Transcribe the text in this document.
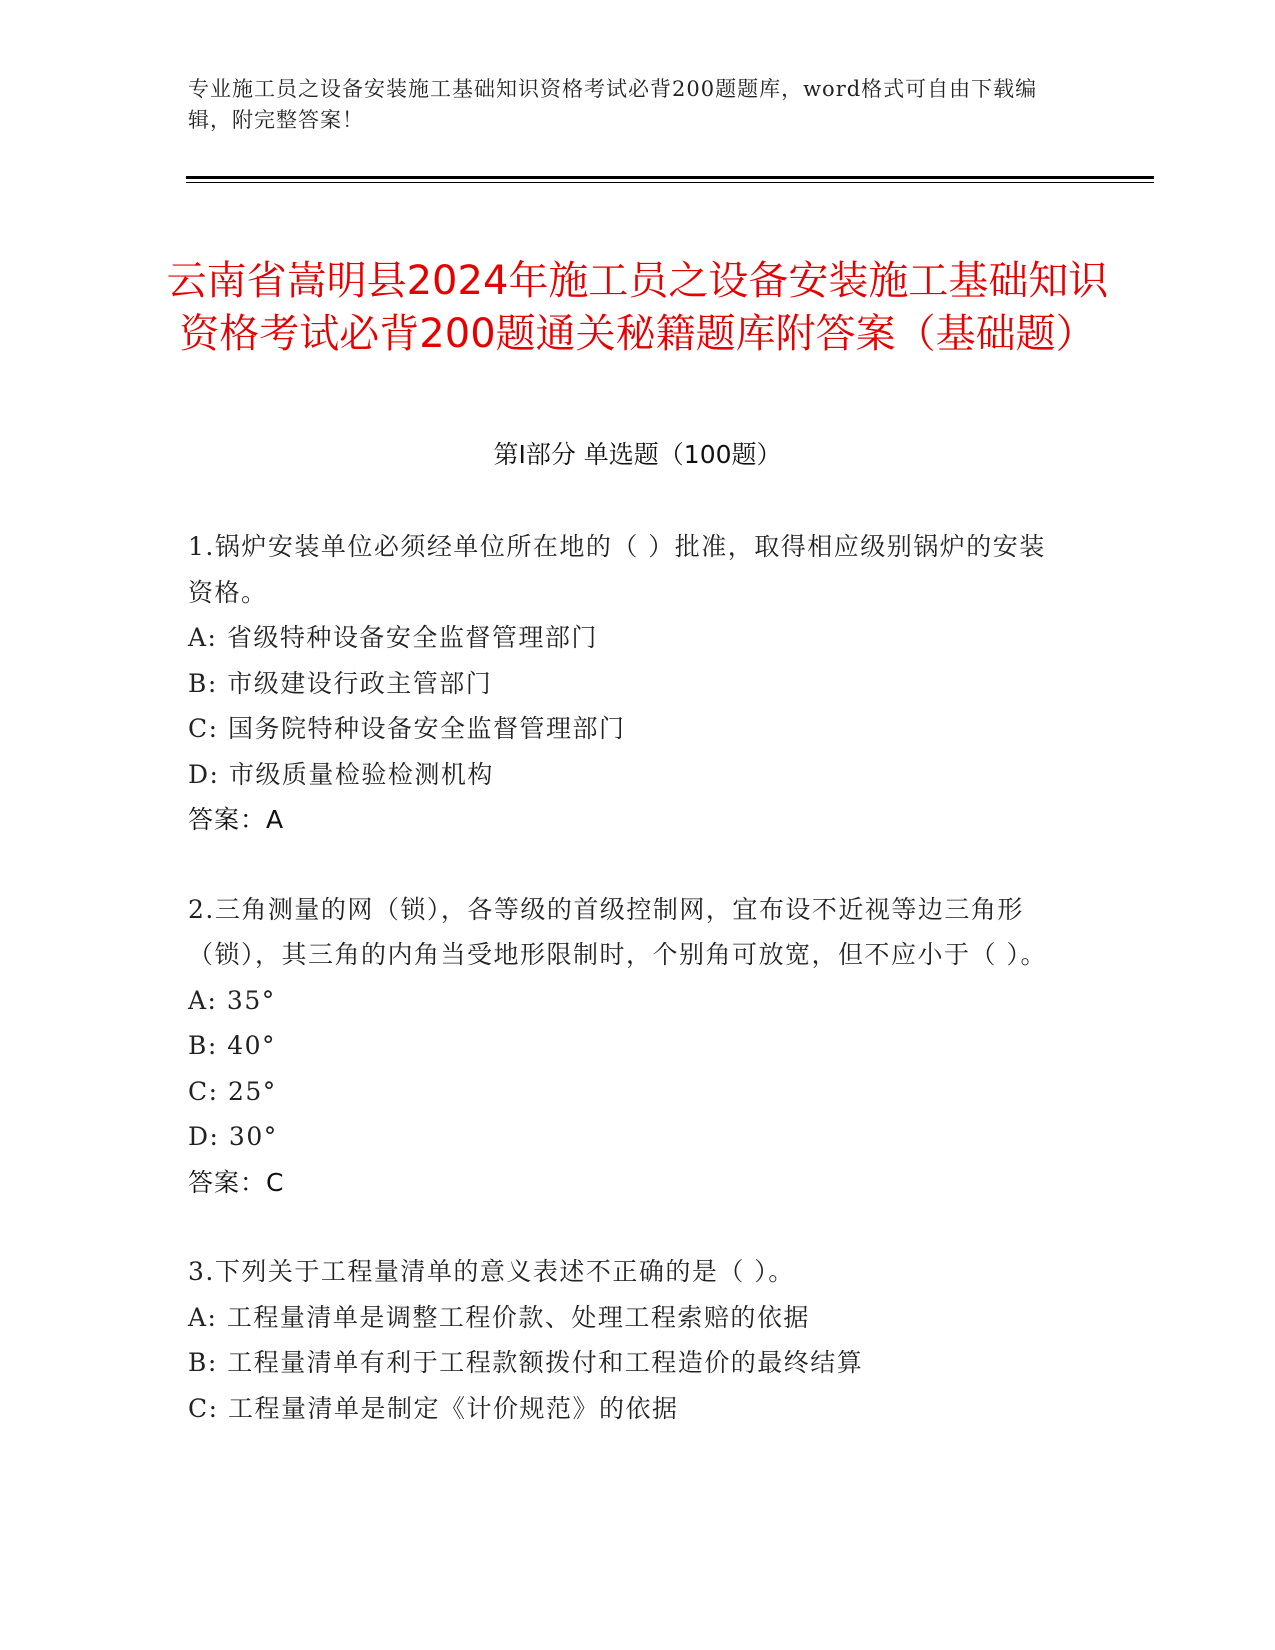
专业施工员之设备安装施工基础知识资格考试必背200题题库，word格式可自由下载编辑，附完整答案！
云南省嵩明县2024年施工员之设备安装施工基础知识资格考试必背200题通关秘籍题库附答案（基础题）
第I部分 单选题（100题）
1.锅炉安装单位必须经单位所在地的（ ）批准，取得相应级别锅炉的安装资格。
A: 省级特种设备安全监督管理部门
B: 市级建设行政主管部门
C: 国务院特种设备安全监督管理部门
D: 市级质量检验检测机构
答案：A
2.三角测量的网（锁），各等级的首级控制网，宜布设不近视等边三角形（锁），其三角的内角当受地形限制时，个别角可放宽，但不应小于（ ）。
A: 35°
B: 40°
C: 25°
D: 30°
答案：C
3.下列关于工程量清单的意义表述不正确的是（ ）。
A: 工程量清单是调整工程价款、处理工程索赔的依据
B: 工程量清单有利于工程款额拨付和工程造价的最终结算
C: 工程量清单是制定《计价规范》的依据
